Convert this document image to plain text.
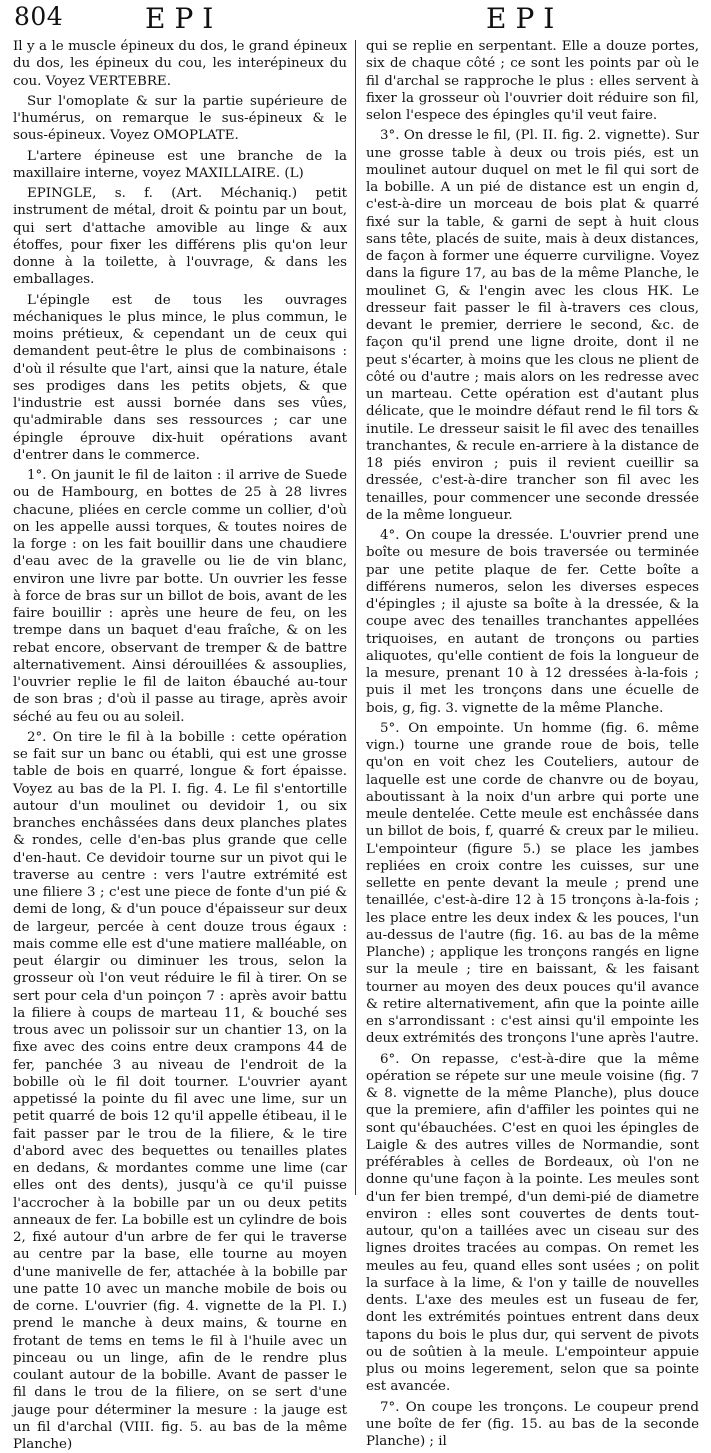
804	EPI	EPI

Il y a le muscle épineux du dos, le grand épineux du dos, les épineux du cou, les interépineux du cou. Voyez VERTEBRE.

Sur l'omoplate & sur la partie supérieure de l'humérus, on remarque le sus-épineux & le sous-épineux. Voyez OMOPLATE.

L'artere épineuse est une branche de la maxillaire interne, voyez MAXILLAIRE. (L)

EPINGLE, s. f. (Art. Méchaniq.) petit instrument de métal, droit & pointu par un bout, qui sert d'attache amovible au linge & aux étoffes, pour fixer les différens plis qu'on leur donne à la toilette, à l'ouvrage, & dans les emballages.

L'épingle est de tous les ouvrages méchaniques le plus mince, le plus commun, le moins prétieux, & cependant un de ceux qui demandent peut-être le plus de combinaisons : d'où il résulte que l'art, ainsi que la nature, étale ses prodiges dans les petits objets, & que l'industrie est aussi bornée dans ses vûes, qu'admirable dans ses ressources ; car une épingle éprouve dix-huit opérations avant d'entrer dans le commerce.

1°. On jaunit le fil de laiton : il arrive de Suede ou de Hambourg, en bottes de 25 à 28 livres chacune, pliées en cercle comme un collier, d'où on les appelle aussi torques, & toutes noires de la forge : on les fait bouillir dans une chaudiere d'eau avec de la gravelle ou lie de vin blanc, environ une livre par botte. Un ouvrier les fesse à force de bras sur un billot de bois, avant de les faire bouillir : après une heure de feu, on les trempe dans un baquet d'eau fraîche, & on les rebat encore, observant de tremper & de battre alternativement. Ainsi dérouillées & assouplies, l'ouvrier replie le fil de laiton ébauché au-tour de son bras ; d'où il passe au tirage, après avoir séché au feu ou au soleil.

2°. On tire le fil à la bobille : cette opération se fait sur un banc ou établi, qui est une grosse table de bois en quarré, longue & fort épaisse. Voyez au bas de la Pl. I. fig. 4. Le fil s'entortille autour d'un moulinet ou devidoir 1, ou six branches enchâssées dans deux planches plates & rondes, celle d'en-bas plus grande que celle d'en-haut. Ce devidoir tourne sur un pivot qui le traverse au centre : vers l'autre extrémité est une filiere 3 ; c'est une piece de fonte d'un pié & demi de long, & d'un pouce d'épaisseur sur deux de largeur, percée à cent douze trous égaux : mais comme elle est d'une matiere malléable, on peut élargir ou diminuer les trous, selon la grosseur où l'on veut réduire le fil à tirer. On se sert pour cela d'un poinçon 7 : après avoir battu la filiere à coups de marteau 11, & bouché ses trous avec un polissoir sur un chantier 13, on la fixe avec des coins entre deux crampons 44 de fer, panchée 3 au niveau de l'endroit de la bobille où le fil doit tourner. L'ouvrier ayant appetissé la pointe du fil avec une lime, sur un petit quarré de bois 12 qu'il appelle étibeau, il le fait passer par le trou de la filiere, & le tire d'abord avec des bequettes ou tenailles plates en dedans, & mordantes comme une lime (car elles ont des dents), jusqu'à ce qu'il puisse l'accrocher à la bobille par un ou deux petits anneaux de fer. La bobille est un cylindre de bois 2, fixé autour d'un arbre de fer qui le traverse au centre par la base, elle tourne au moyen d'une manivelle de fer, attachée à la bobille par une patte 10 avec un manche mobile de bois ou de corne. L'ouvrier (fig. 4. vignette de la Pl. I.) prend le manche à deux mains, & tourne en frotant de tems en tems le fil à l'huile avec un pinceau ou un linge, afin de le rendre plus coulant autour de la bobille. Avant de passer le fil dans le trou de la filiere, on se sert d'une jauge pour déterminer la mesure : la jauge est un fil d'archal (VIII. fig. 5. au bas de la même Planche)

qui se replie en serpentant. Elle a douze portes, six de chaque côté ; ce sont les points par où le fil d'archal se rapproche le plus : elles servent à fixer la grosseur où l'ouvrier doit réduire son fil, selon l'espece des épingles qu'il veut faire.

3°. On dresse le fil, (Pl. II. fig. 2. vignette). Sur une grosse table à deux ou trois piés, est un moulinet autour duquel on met le fil qui sort de la bobille. A un pié de distance est un engin d, c'est-à-dire un morceau de bois plat & quarré fixé sur la table, & garni de sept à huit clous sans tête, placés de suite, mais à deux distances, de façon à former une équerre curviligne. Voyez dans la figure 17, au bas de la même Planche, le moulinet G, & l'engin avec les clous HK. Le dresseur fait passer le fil à-travers ces clous, devant le premier, derriere le second, &c. de façon qu'il prend une ligne droite, dont il ne peut s'écarter, à moins que les clous ne plient de côté ou d'autre ; mais alors on les redresse avec un marteau. Cette opération est d'autant plus délicate, que le moindre défaut rend le fil tors & inutile. Le dresseur saisit le fil avec des tenailles tranchantes, & recule en-arriere à la distance de 18 piés environ ; puis il revient cueillir sa dressée, c'est-à-dire trancher son fil avec les tenailles, pour commencer une seconde dressée de la même longueur.

4°. On coupe la dressée. L'ouvrier prend une boîte ou mesure de bois traversée ou terminée par une petite plaque de fer. Cette boîte a différens numeros, selon les diverses especes d'épingles ; il ajuste sa boîte à la dressée, & la coupe avec des tenailles tranchantes appellées triquoises, en autant de tronçons ou parties aliquotes, qu'elle contient de fois la longueur de la mesure, prenant 10 à 12 dressées à-la-fois ; puis il met les tronçons dans une écuelle de bois, g, fig. 3. vignette de la même Planche.

5°. On empointe. Un homme (fig. 6. même vign.) tourne une grande roue de bois, telle qu'on en voit chez les Couteliers, autour de laquelle est une corde de chanvre ou de boyau, aboutissant à la noix d'un arbre qui porte une meule dentelée. Cette meule est enchâssée dans un billot de bois, f, quarré & creux par le milieu. L'empointeur (figure 5.) se place les jambes repliées en croix contre les cuisses, sur une sellette en pente devant la meule ; prend une tenaillée, c'est-à-dire 12 à 15 tronçons à-la-fois ; les place entre les deux index & les pouces, l'un au-dessus de l'autre (fig. 16. au bas de la même Planche) ; applique les tronçons rangés en ligne sur la meule ; tire en baissant, & les faisant tourner au moyen des deux pouces qu'il avance & retire alternativement, afin que la pointe aille en s'arrondissant : c'est ainsi qu'il empointe les deux extrémités des tronçons l'une après l'autre.

6°. On repasse, c'est-à-dire que la même opération se répete sur une meule voisine (fig. 7 & 8. vignette de la même Planche), plus douce que la premiere, afin d'affiler les pointes qui ne sont qu'ébauchées. C'est en quoi les épingles de Laigle & des autres villes de Normandie, sont préférables à celles de Bordeaux, où l'on ne donne qu'une façon à la pointe. Les meules sont d'un fer bien trempé, d'un demi-pié de diametre environ : elles sont couvertes de dents tout-autour, qu'on a taillées avec un ciseau sur des lignes droites tracées au compas. On remet les meules au feu, quand elles sont usées ; on polit la surface à la lime, & l'on y taille de nouvelles dents. L'axe des meules est un fuseau de fer, dont les extrémités pointues entrent dans deux tapons du bois le plus dur, qui servent de pivots ou de soûtien à la meule. L'empointeur appuie plus ou moins legerement, selon que sa pointe est avancée.

7°. On coupe les tronçons. Le coupeur prend une boîte de fer (fig. 15. au bas de la seconde Planche) ; il
